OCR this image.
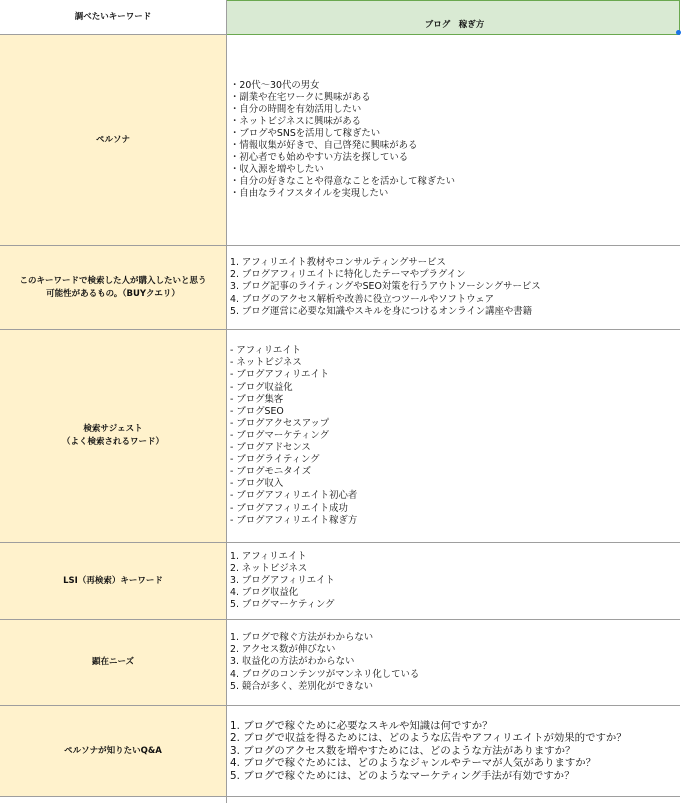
調べたいキーワード
ブログ　稼ぎ方
ペルソナ
・20代〜30代の男女
・副業や在宅ワークに興味がある
・自分の時間を有効活用したい
・ネットビジネスに興味がある
・ブログやSNSを活用して稼ぎたい
・情報収集が好きで、自己啓発に興味がある
・初心者でも始めやすい方法を探している
・収入源を増やしたい
・自分の好きなことや得意なことを活かして稼ぎたい
・自由なライフスタイルを実現したい
このキーワードで検索した人が購入したいと思う
可能性があるもの。（BUYクエリ）
1. アフィリエイト教材やコンサルティングサービス
2. ブログアフィリエイトに特化したテーマやプラグイン
3. ブログ記事のライティングやSEO対策を行うアウトソーシングサービス
4. ブログのアクセス解析や改善に役立つツールやソフトウェア
5. ブログ運営に必要な知識やスキルを身につけるオンライン講座や書籍
検索サジェスト
（よく検索されるワード）
- アフィリエイト
- ネットビジネス
- ブログアフィリエイト
- ブログ収益化
- ブログ集客
- ブログSEO
- ブログアクセスアップ
- ブログマーケティング
- ブログアドセンス
- ブログライティング
- ブログモニタイズ
- ブログ収入
- ブログアフィリエイト初心者
- ブログアフィリエイト成功
- ブログアフィリエイト稼ぎ方
LSI（再検索）キーワード
1. アフィリエイト
2. ネットビジネス
3. ブログアフィリエイト
4. ブログ収益化
5. ブログマーケティング
顕在ニーズ
1. ブログで稼ぐ方法がわからない
2. アクセス数が伸びない
3. 収益化の方法がわからない
4. ブログのコンテンツがマンネリ化している
5. 競合が多く、差別化ができない
ペルソナが知りたいQ&A
1. ブログで稼ぐために必要なスキルや知識は何ですか？
2. ブログで収益を得るためには、どのような広告やアフィリエイトが効果的ですか？
3. ブログのアクセス数を増やすためには、どのような方法がありますか？
4. ブログで稼ぐためには、どのようなジャンルやテーマが人気がありますか？
5. ブログで稼ぐためには、どのようなマーケティング手法が有効ですか？
